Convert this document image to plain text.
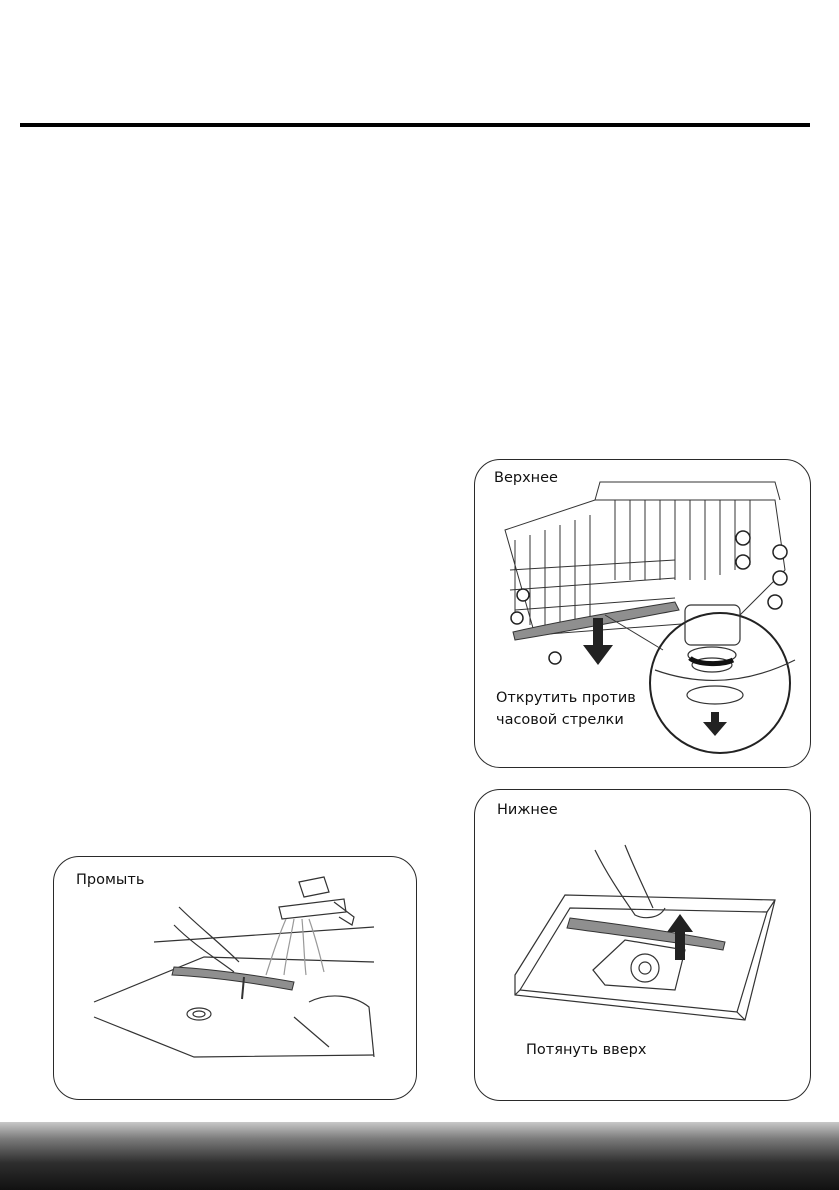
Верхнее
Открутить против
часовой стрелки
Нижнее
Потянуть вверх
Промыть
